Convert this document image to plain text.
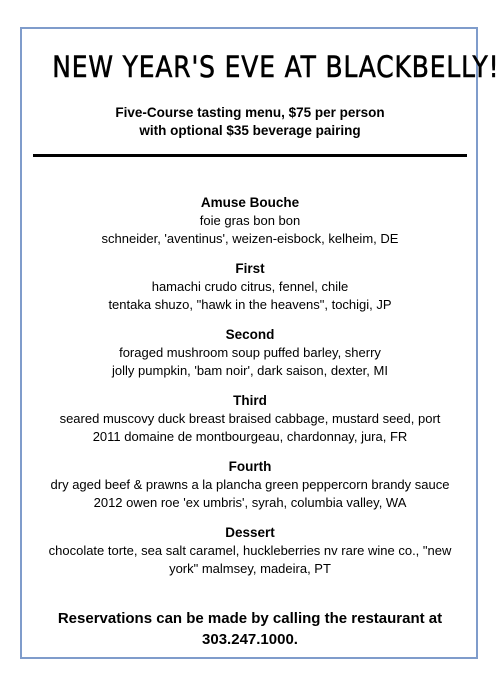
NEW YEAR'S EVE AT BLACKBELLY!
Five-Course tasting menu, $75 per person
with optional $35 beverage pairing
Amuse Bouche
foie gras bon bon
schneider, 'aventinus', weizen-eisbock, kelheim, DE
First
hamachi crudo citrus, fennel, chile
tentaka shuzo, "hawk in the heavens", tochigi, JP
Second
foraged mushroom soup puffed barley, sherry
jolly pumpkin, 'bam noir', dark saison, dexter, MI
Third
seared muscovy duck breast braised cabbage, mustard seed, port
2011 domaine de montbourgeau, chardonnay, jura, FR
Fourth
dry aged beef & prawns a la plancha green peppercorn brandy sauce
2012 owen roe 'ex umbris', syrah, columbia valley, WA
Dessert
chocolate torte, sea salt caramel, huckleberries nv rare wine co., "new
york" malmsey, madeira, PT
Reservations can be made by calling the restaurant at
303.247.1000.
